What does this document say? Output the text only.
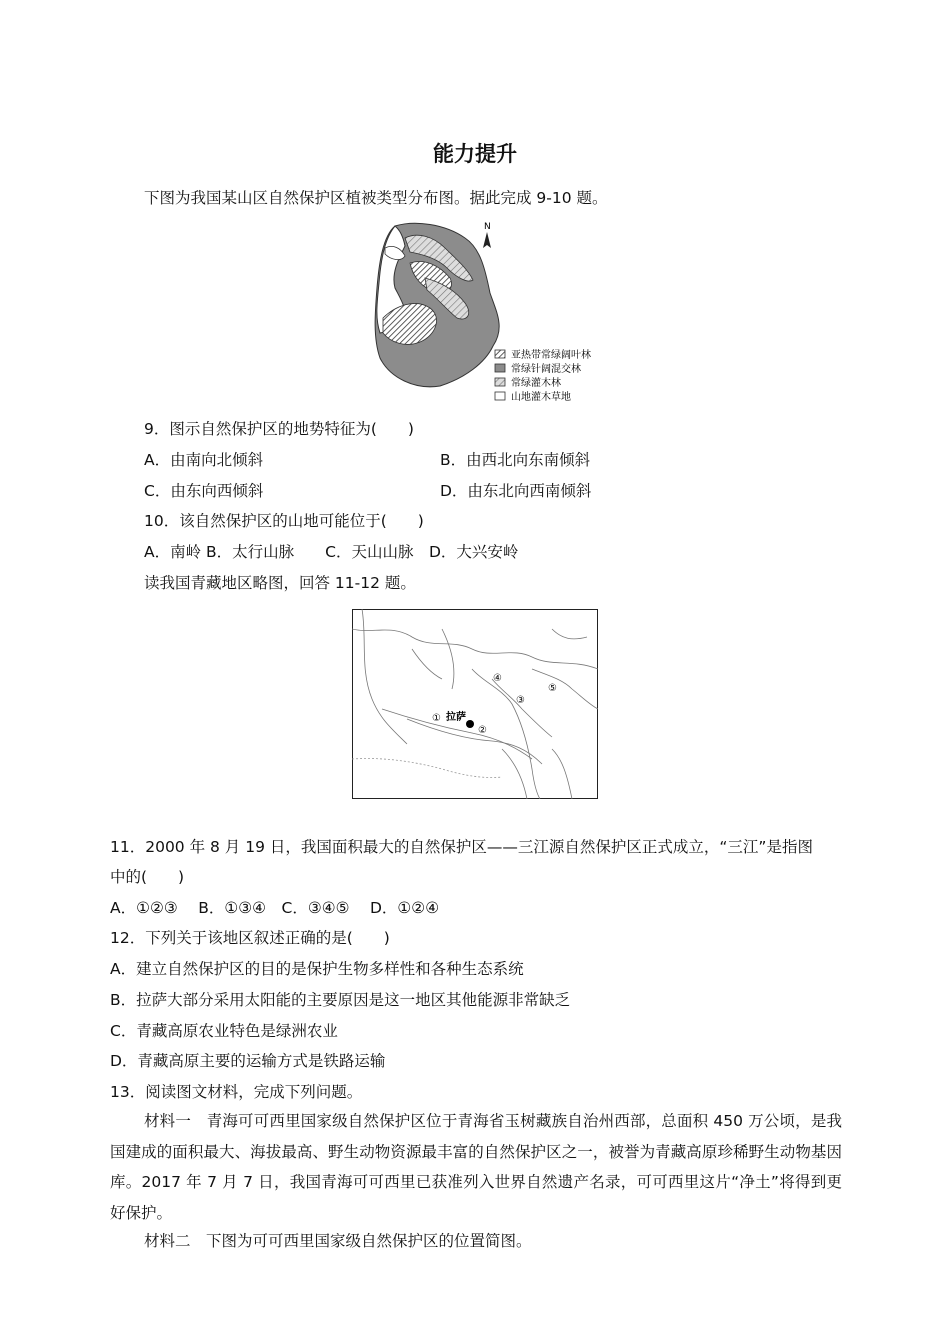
能力提升
下图为我国某山区自然保护区植被类型分布图。据此完成 9-10 题。
N
亚热带常绿阔叶林
常绿针阔混交林
常绿灌木林
山地灌木草地
9．图示自然保护区的地势特征为(　　)
A．由南向北倾斜	B．由西北向东南倾斜
C．由东向西倾斜	D．由东北向西南倾斜
10．该自然保护区的山地可能位于(　　)
A．南岭 B．太行山脉　　C．天山山脉　D．大兴安岭
读我国青藏地区略图，回答 11-12 题。
拉萨
①
②
③
④
⑤
11．2000 年 8 月 19 日，我国面积最大的自然保护区——三江源自然保护区正式成立，“三江”是指图
中的(　　)
A．①②③　 B．①③④　C．③④⑤　 D．①②④
12．下列关于该地区叙述正确的是(　　)
A．建立自然保护区的目的是保护生物多样性和各种生态系统
B．拉萨大部分采用太阳能的主要原因是这一地区其他能源非常缺乏
C．青藏高原农业特色是绿洲农业
D．青藏高原主要的运输方式是铁路运输
13．阅读图文材料，完成下列问题。
材料一　青海可可西里国家级自然保护区位于青海省玉树藏族自治州西部，总面积 450 万公顷，是我国建成的面积最大、海拔最高、野生动物资源最丰富的自然保护区之一，被誉为青藏高原珍稀野生动物基因库。2017 年 7 月 7 日，我国青海可可西里已获准列入世界自然遗产名录，可可西里这片“净土”将得到更好保护。
材料二　下图为可可西里国家级自然保护区的位置简图。
